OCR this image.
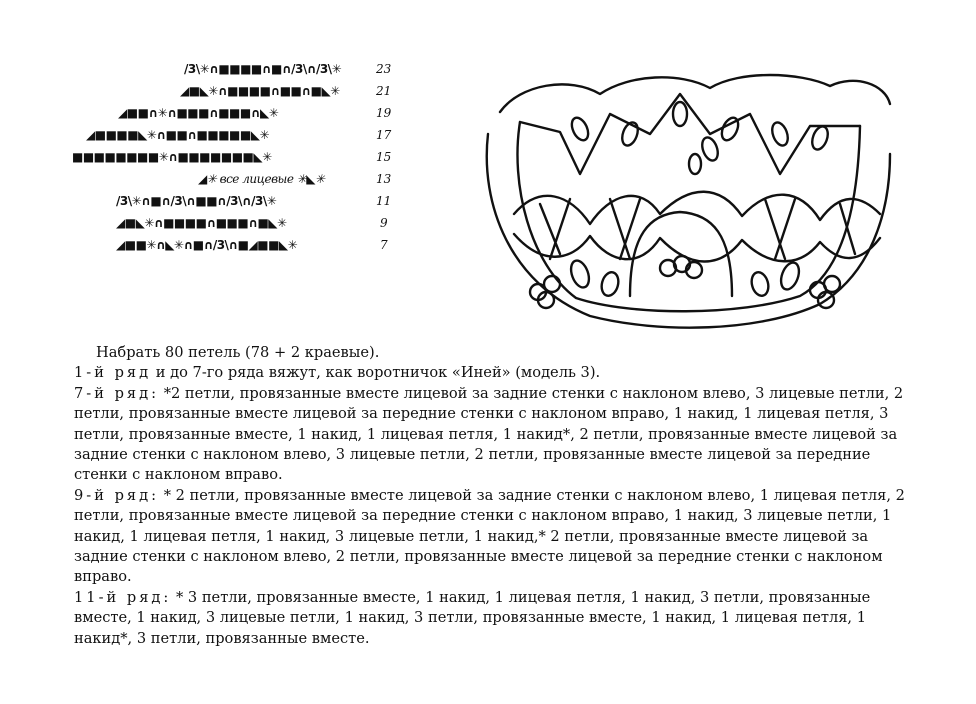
/3\✳∩■■■■∩■∩/3\∩/3\✳	23
◢■◣✳∩■■■■∩■■∩■◣✳	21
◢■■∩✳∩■■■∩■■■∩◣✳	19
◢■■■■◣✳∩■■∩■■■■■◣✳	17
■■■■■■■■✳∩■■■■■■■◣✳	15
◢✳ все лицевые ✳◣✳	13
/3\✳∩■∩/3\∩■■∩/3\∩/3\✳	11
◢■◣✳∩■■■■∩■■■∩■◣✳	9
◢■■✳∩◣✳∩■∩/3\∩■◢■■◣✳	7

Набрать 80 петель (78 + 2 краевые).

1-й ряд и до 7-го ряда вяжут, как воротничок «Иней» (модель 3).

7-й ряд: *2 петли, провязанные вместе лицевой за задние стенки с наклоном влево, 3 лицевые петли, 2 петли, провязанные вместе лицевой за передние стенки с наклоном вправо, 1 накид, 1 лицевая петля, 3 петли, провязанные вместе, 1 накид, 1 лицевая петля, 1 накид*, 2 петли, провязанные вместе лицевой за задние стенки с наклоном влево, 3 лицевые петли, 2 петли, провязанные вместе лицевой за передние стенки с наклоном вправо.

9-й ряд: * 2 петли, провязанные вместе лицевой за задние стенки с наклоном влево, 1 лицевая петля, 2 петли, провязанные вместе лицевой за передние стенки с наклоном вправо, 1 накид, 3 лицевые петли, 1 накид, 1 лицевая петля, 1 накид, 3 лицевые петли, 1 накид,* 2 петли, провязанные вместе лицевой за задние стенки с наклоном влево, 2 петли, провязанные вместе лицевой за передние стенки с наклоном вправо.

11-й ряд: * 3 петли, провязанные вместе, 1 накид, 1 лицевая петля, 1 накид, 3 петли, провязанные вместе, 1 накид, 3 лицевые петли, 1 накид, 3 петли, провязанные вместе, 1 накид, 1 лицевая петля, 1 накид*, 3 петли, провязанные вместе.
